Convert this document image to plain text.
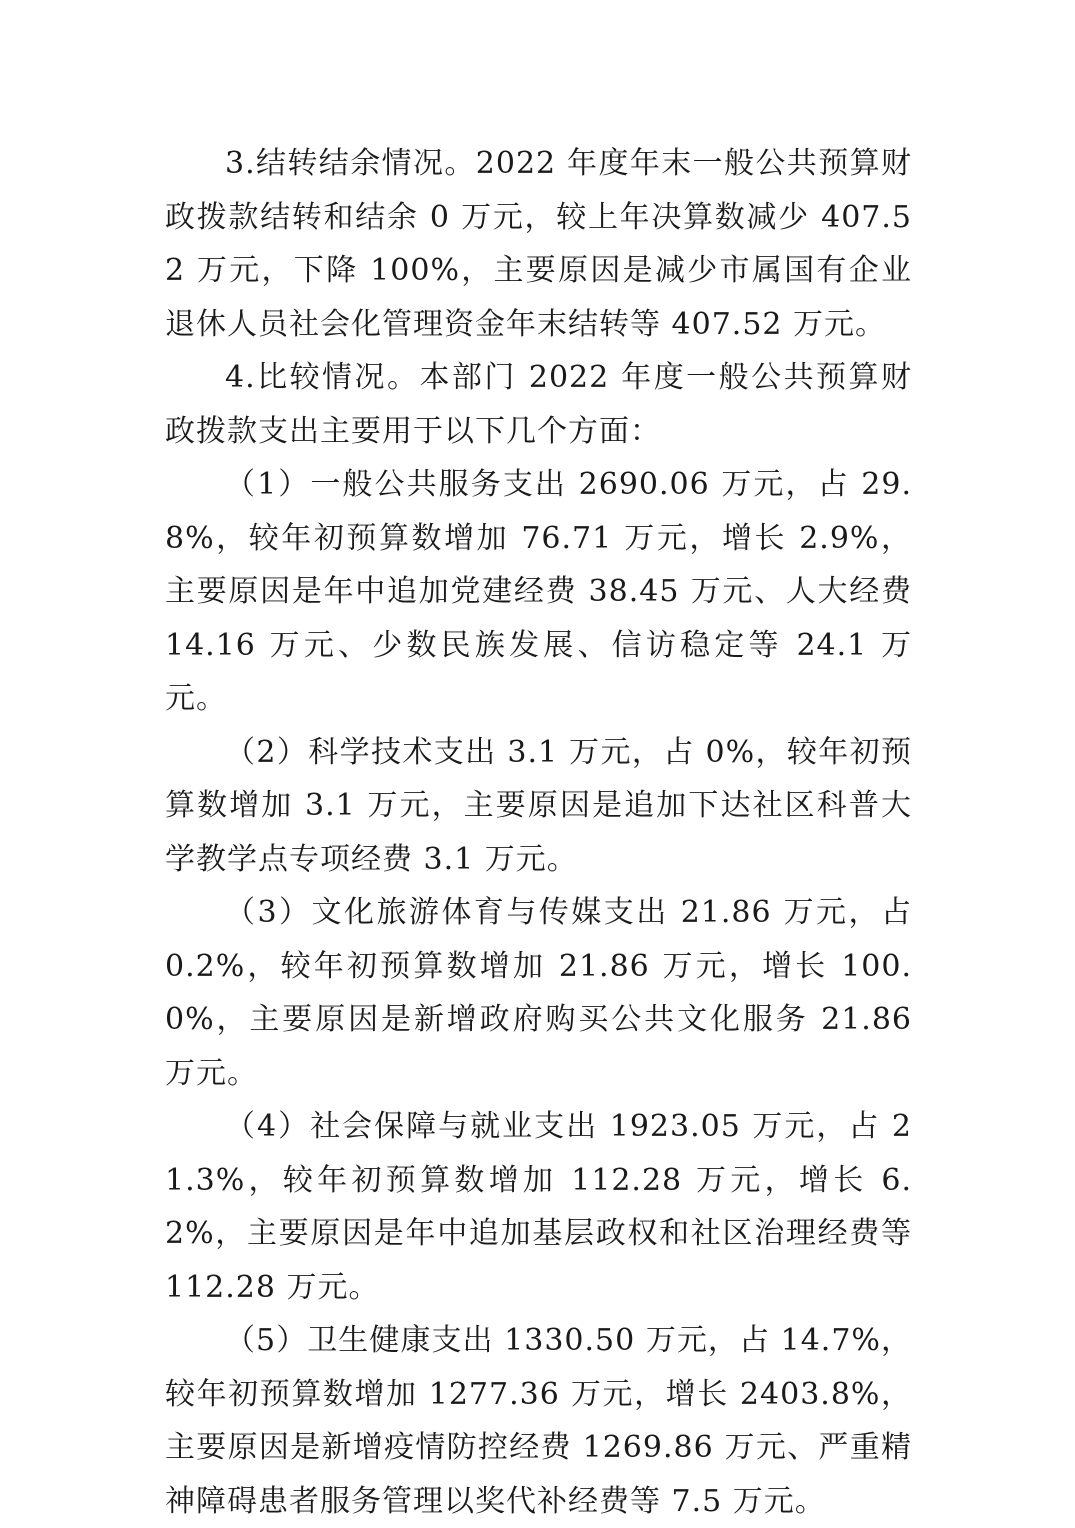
3.结转结余情况。2022 年度年末一般公共预算财政拨款结转和结余 0 万元，较上年决算数减少 407.52 万元，下降 100%，主要原因是减少市属国有企业退休人员社会化管理资金年末结转等 407.52 万元。

4.比较情况。本部门 2022 年度一般公共预算财政拨款支出主要用于以下几个方面：

（1）一般公共服务支出 2690.06 万元，占 29.8%，较年初预算数增加 76.71 万元，增长 2.9%，主要原因是年中追加党建经费 38.45 万元、人大经费 14.16 万元、少数民族发展、信访稳定等 24.1 万元。

（2）科学技术支出 3.1 万元，占 0%，较年初预算数增加 3.1 万元，主要原因是追加下达社区科普大学教学点专项经费 3.1 万元。

（3）文化旅游体育与传媒支出 21.86 万元，占 0.2%，较年初预算数增加 21.86 万元，增长 100.0%，主要原因是新增政府购买公共文化服务 21.86 万元。

（4）社会保障与就业支出 1923.05 万元，占 21.3%，较年初预算数增加 112.28 万元，增长 6.2%，主要原因是年中追加基层政权和社区治理经费等 112.28 万元。

（5）卫生健康支出 1330.50 万元，占 14.7%，较年初预算数增加 1277.36 万元，增长 2403.8%，主要原因是新增疫情防控经费 1269.86 万元、严重精神障碍患者服务管理以奖代补经费等 7.5 万元。
